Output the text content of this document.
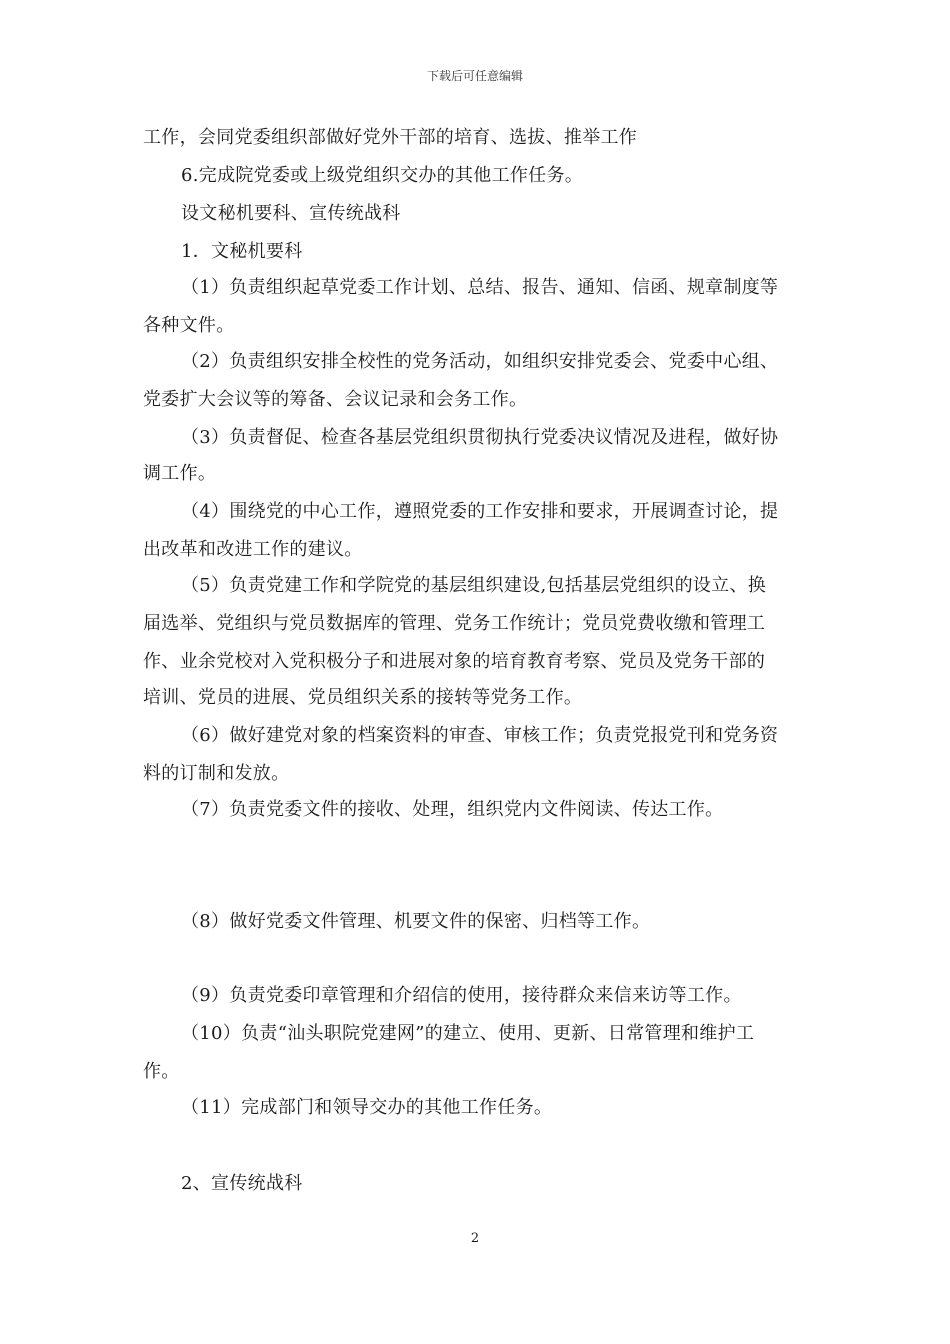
下载后可任意编辑
工作，会同党委组织部做好党外干部的培育、选拔、推举工作
6.完成院党委或上级党组织交办的其他工作任务。
设文秘机要科、宣传统战科
1．文秘机要科
（1）负责组织起草党委工作计划、总结、报告、通知、信函、规章制度等
各种文件。
（2）负责组织安排全校性的党务活动，如组织安排党委会、党委中心组、
党委扩大会议等的筹备、会议记录和会务工作。
（3）负责督促、检查各基层党组织贯彻执行党委决议情况及进程，做好协
调工作。
（4）围绕党的中心工作，遵照党委的工作安排和要求，开展调查讨论，提
出改革和改进工作的建议。
（5）负责党建工作和学院党的基层组织建设,包括基层党组织的设立、换
届选举、党组织与党员数据库的管理、党务工作统计；党员党费收缴和管理工
作、业余党校对入党积极分子和进展对象的培育教育考察、党员及党务干部的
培训、党员的进展、党员组织关系的接转等党务工作。
（6）做好建党对象的档案资料的审查、审核工作；负责党报党刊和党务资
料的订制和发放。
（7）负责党委文件的接收、处理，组织党内文件阅读、传达工作。
（8）做好党委文件管理、机要文件的保密、归档等工作。
（9）负责党委印章管理和介绍信的使用，接待群众来信来访等工作。
（10）负责“汕头职院党建网”的建立、使用、更新、日常管理和维护工
作。
（11）完成部门和领导交办的其他工作任务。
2、宣传统战科
2
